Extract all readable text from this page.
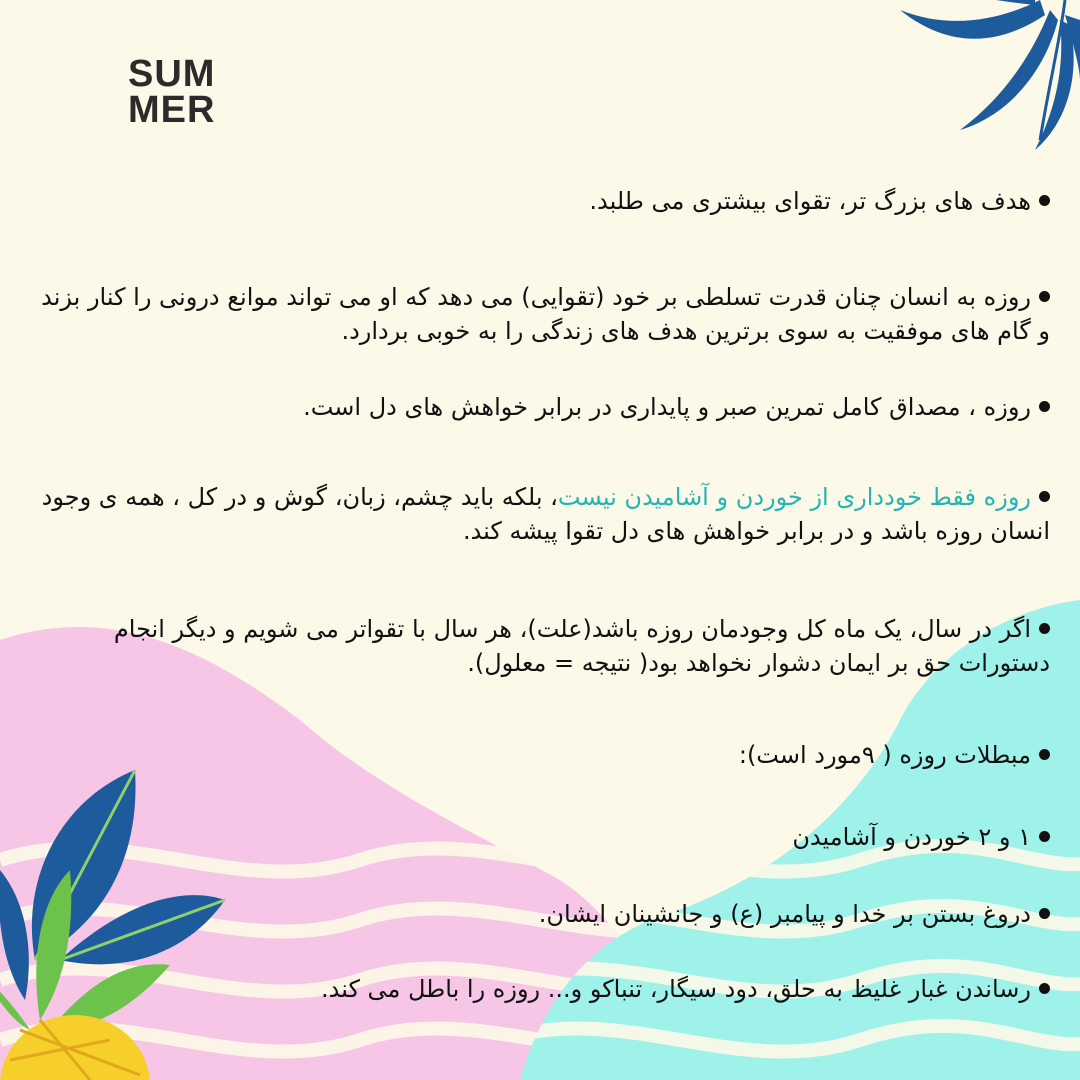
SUM
MER
هدف های بزرگ تر، تقوای بیشتری می طلبد.
روزه به انسان چنان قدرت تسلطی بر خود (تقوایی) می دهد که او می تواند موانع درونی را کنار بزند و گام های موفقیت به سوی برترین هدف های زندگی را به خوبی بردارد.
روزه ، مصداق کامل تمرین صبر و پایداری در برابر خواهش های دل است.
روزه فقط خودداری از خوردن و آشامیدن نیست، بلکه باید چشم، زبان، گوش و در کل ، همه ی وجود انسان روزه باشد و در برابر خواهش های دل تقوا پیشه کند.
اگر در سال، یک ماه کل وجودمان روزه باشد(علت)، هر سال با تقواتر می شویم و دیگر انجام دستورات حق بر ایمان دشوار نخواهد بود( نتیجه = معلول).
مبطلات روزه ( ۹مورد است):
۱ و ۲ خوردن و آشامیدن
دروغ بستن بر خدا و پیامبر (ع) و جانشینان ایشان.
رساندن غبار غلیظ به حلق، دود سیگار، تنباکو و... روزه را باطل می کند.
